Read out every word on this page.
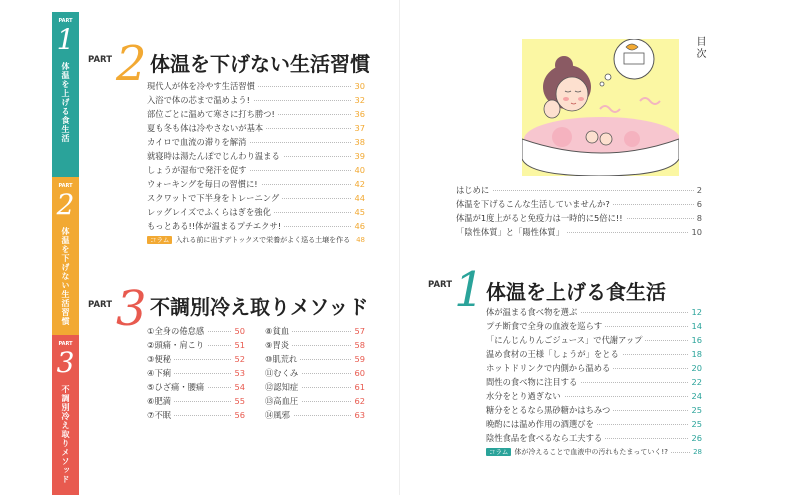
PART
1
体温を上げる食生活
PART
2
体温を下げない生活習慣
PART
3
不調別冷え取りメソッド
PART 2 体温を下げない生活習慣
現代人が体を冷やす生活習慣	30
入浴で体の芯まで温めよう!	32
部位ごとに温めて寒さに打ち勝つ!	36
夏も冬も体は冷やさないが基本	37
カイロで血流の滞りを解消	38
就寝時は湯たんぽでじんわり温まる	39
しょうが湿布で発汗を促す	40
ウォーキングを毎日の習慣に!	42
スクワットで下半身をトレーニング	44
レッグレイズでふくらはぎを強化	45
もっとある!!体が温まるプチエクサ!	46
コラム 入れる前に出すデトックスで栄養がよく巡る土壌を作る 48
PART 3 不調別冷え取りメソッド
①全身の倦怠感	50
②頭痛・肩こり	51
③便秘	52
④下痢	53
⑤ひざ痛・腰痛	54
⑥肥満	55
⑦不眠	56
⑧貧血	57
⑨胃炎	58
⑩肌荒れ	59
⑪むくみ	60
⑫認知症	61
⑬高血圧	62
⑭風邪	63
目次
はじめに	2
体温を下げるこんな生活していませんか?	6
体温が1度上がると免疫力は一時的に5倍に!!	8
「陰性体質」と「陽性体質」	10
PART 1 体温を上げる食生活
体が温まる食べ物を選ぶ	12
プチ断食で全身の血液を巡らす	14
「にんじんりんごジュース」で代謝アップ	16
温め食材の王様「しょうが」をとる	18
ホットドリンクで内側から温める	20
間性の食べ物に注目する	22
水分をとり過ぎない	24
糖分をとるなら黒砂糖かはちみつ	25
晩酌には温め作用の酒選びを	25
陰性食品を食べるなら工夫する	26
コラム 体が冷えることで血液中の汚れもたまっていく!?	28
